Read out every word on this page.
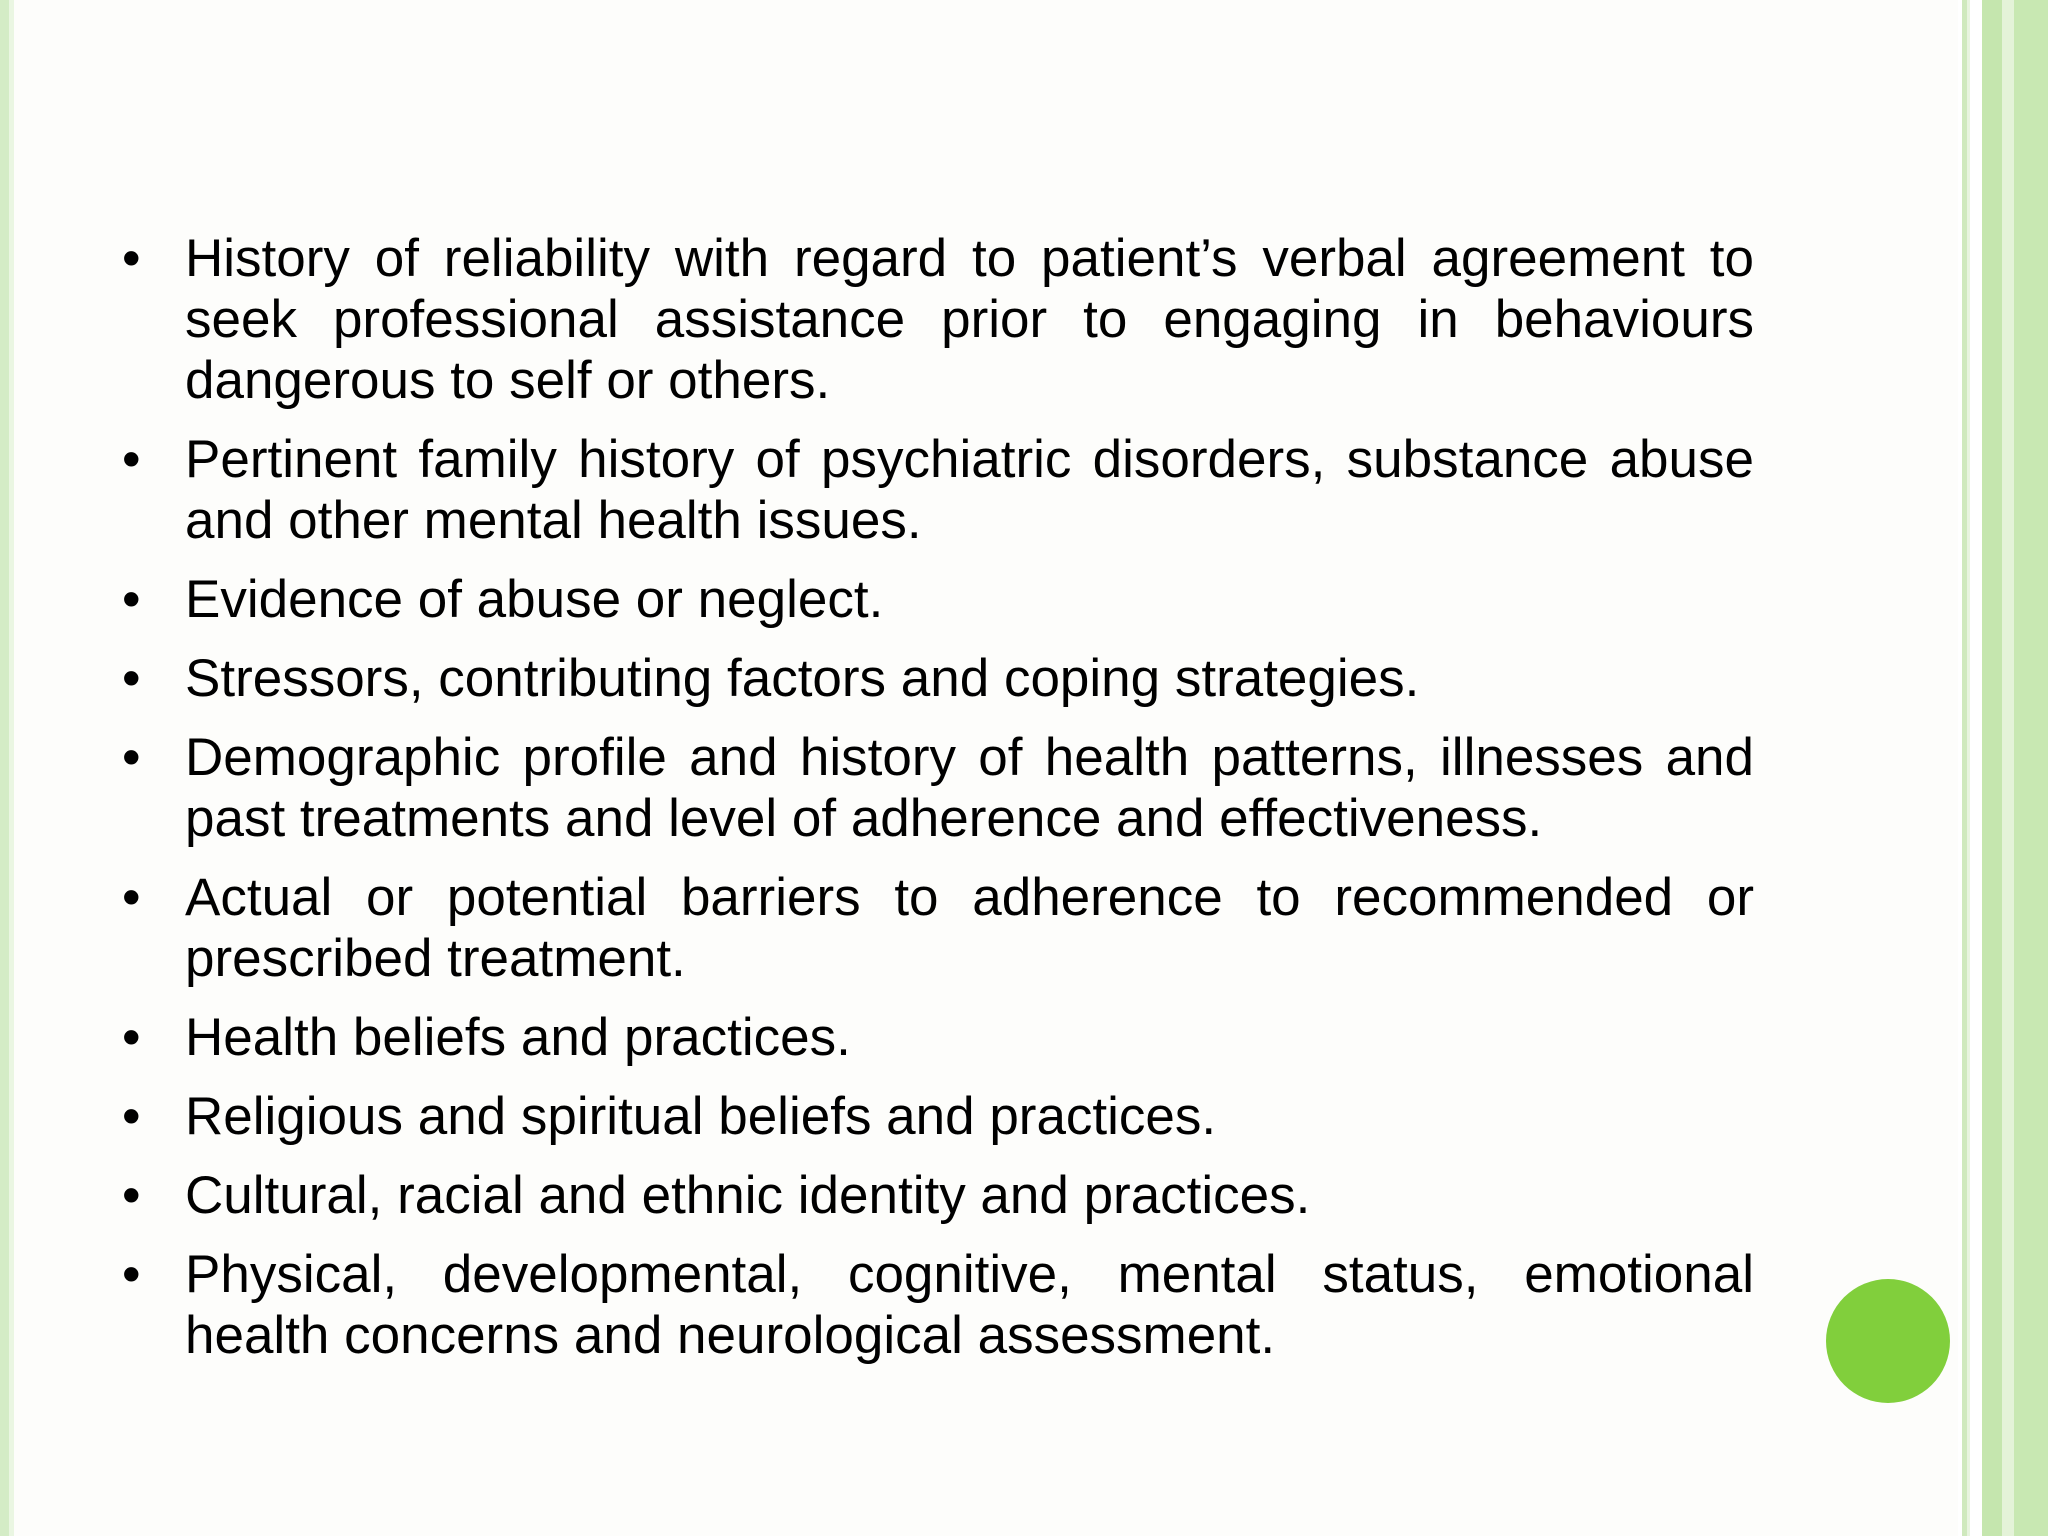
• History of reliability with regard to patient’s verbal agreement to seek professional assistance prior to engaging in behaviours dangerous to self or others.
• Pertinent family history of psychiatric disorders, substance abuse and other mental health issues.
• Evidence of abuse or neglect.
• Stressors, contributing factors and coping strategies.
• Demographic profile and history of health patterns, illnesses and past treatments and level of adherence and effectiveness.
• Actual or potential barriers to adherence to recommended or prescribed treatment.
• Health beliefs and practices.
• Religious and spiritual beliefs and practices.
• Cultural, racial and ethnic identity and practices.
• Physical, developmental, cognitive, mental status, emotional health concerns and neurological assessment.
